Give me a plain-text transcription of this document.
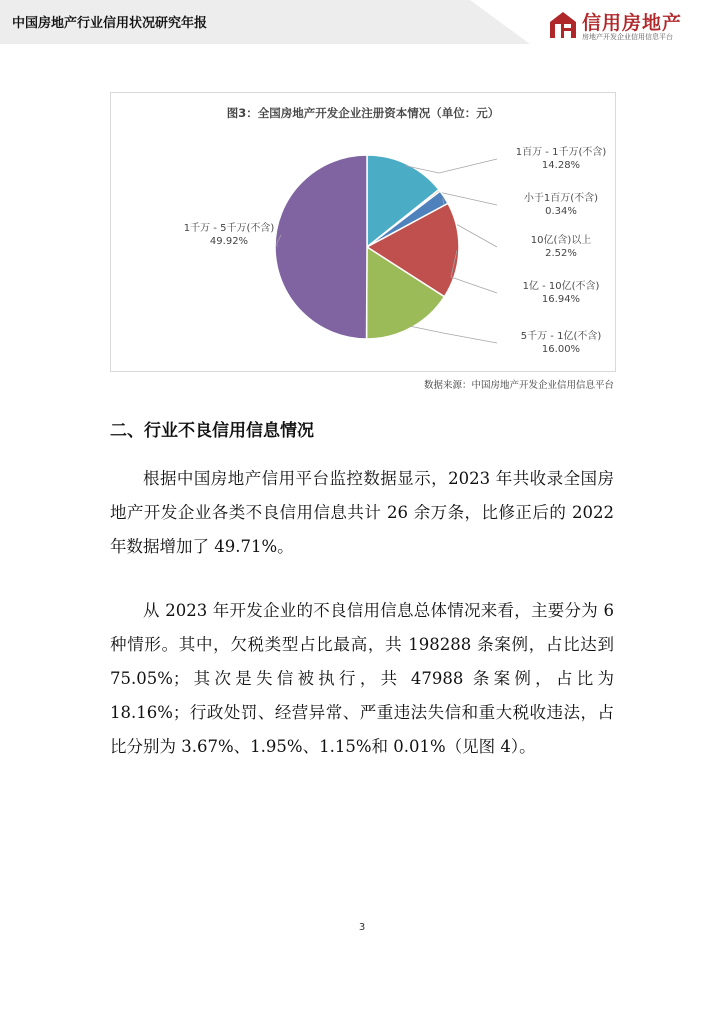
中国房地产行业信用状况研究年报	信用房地产
房地产开发企业信用信息平台
1百万 - 1千万(不含)
14.28%
小于1百万(不含)
0.34%
10亿(含)以上
2.52%
1亿 - 10亿(不含)
16.94%
5千万 - 1亿(不含)
16.00%
1千万 - 5千万(不含)
49.92%
图3：全国房地产开发企业注册资本情况（单位：元）
数据来源：中国房地产开发企业信用信息平台
二、行业不良信用信息情况

根据中国房地产信用平台监控数据显示，2023 年共收录全国房地产开发企业各类不良信用信息共计 26 余万条，比修正后的 2022 年数据增加了 49.71%。

从 2023 年开发企业的不良信用信息总体情况来看，主要分为 6 种情形。其中，欠税类型占比最高，共 198288 条案例，占比达到 75.05%；其次是失信被执行，共 47988 条案例，占比为 18.16%；行政处罚、经营异常、严重违法失信和重大税收违法，占比分别为 3.67%、1.95%、1.15%和 0.01%（见图 4）。

3
